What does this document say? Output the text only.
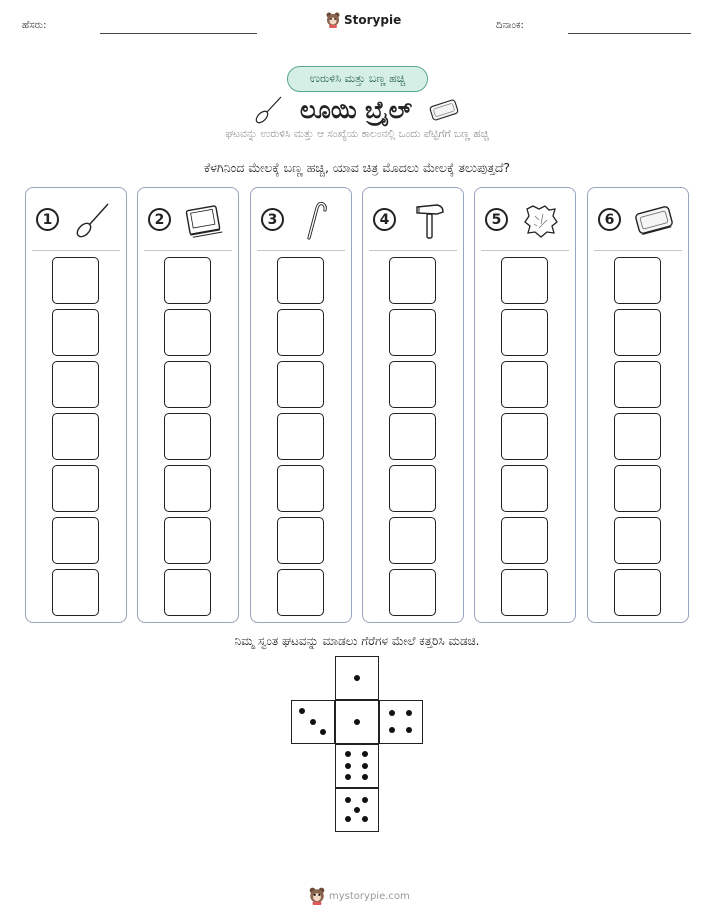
ಹೆಸರು:	Storypie	ದಿನಾಂಕ:
ಉರುಳಿಸಿ ಮತ್ತು ಬಣ್ಣ ಹಚ್ಚಿ
ಲೂಯಿ ಬ್ರೈಲ್
ಘಟವನ್ನು ಉರುಳಿಸಿ ಮತ್ತು ಆ ಸಂಖ್ಯೆಯ ಕಾಲಂನಲ್ಲಿ ಒಂದು ಪೆಟ್ಟಿಗೆಗೆ ಬಣ್ಣ ಹಚ್ಚಿ
ಕೆಳಗಿನಿಂದ ಮೇಲಕ್ಕೆ ಬಣ್ಣ ಹಚ್ಚಿ, ಯಾವ ಚಿತ್ರ ಮೊದಲು ಮೇಲಕ್ಕೆ ತಲುಪುತ್ತದೆ?
1	2	3	4	5	6
ನಿಮ್ಮ ಸ್ವಂತ ಘಟವನ್ನು ಮಾಡಲು ಗೆರೆಗಳ ಮೇಲೆ ಕತ್ತರಿಸಿ ಮಡಚಿ.
mystorypie.com
